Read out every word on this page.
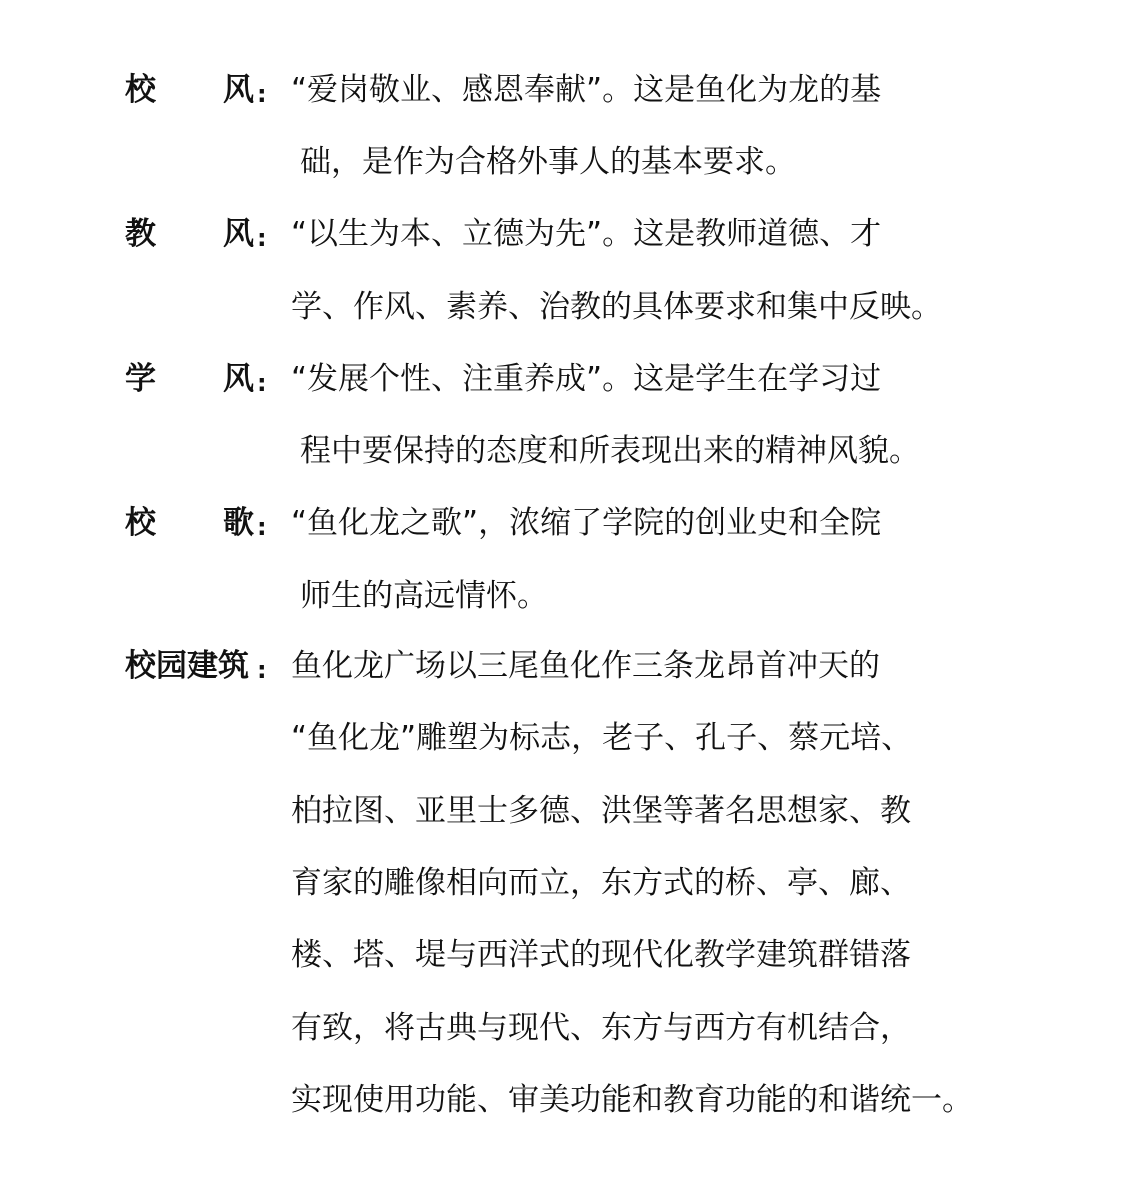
校 风 : “爱岗敬业、感恩奉献”。这是鱼化为龙的基
础，是作为合格外事人的基本要求。
教 风 : “以生为本、立德为先”。这是教师道德、才
学、作风、素养、治教的具体要求和集中反映。
学 风 : “发展个性、注重养成”。这是学生在学习过
程中要保持的态度和所表现出来的精神风貌。
校 歌 : “鱼化龙之歌”，浓缩了学院的创业史和全院
师生的高远情怀。
校园建筑 : 鱼化龙广场以三尾鱼化作三条龙昂首冲天的
“鱼化龙”雕塑为标志，老子、孔子、蔡元培、
柏拉图、亚里士多德、洪堡等著名思想家、教
育家的雕像相向而立，东方式的桥、亭、廊、
楼、塔、堤与西洋式的现代化教学建筑群错落
有致，将古典与现代、东方与西方有机结合，
实现使用功能、审美功能和教育功能的和谐统一。
